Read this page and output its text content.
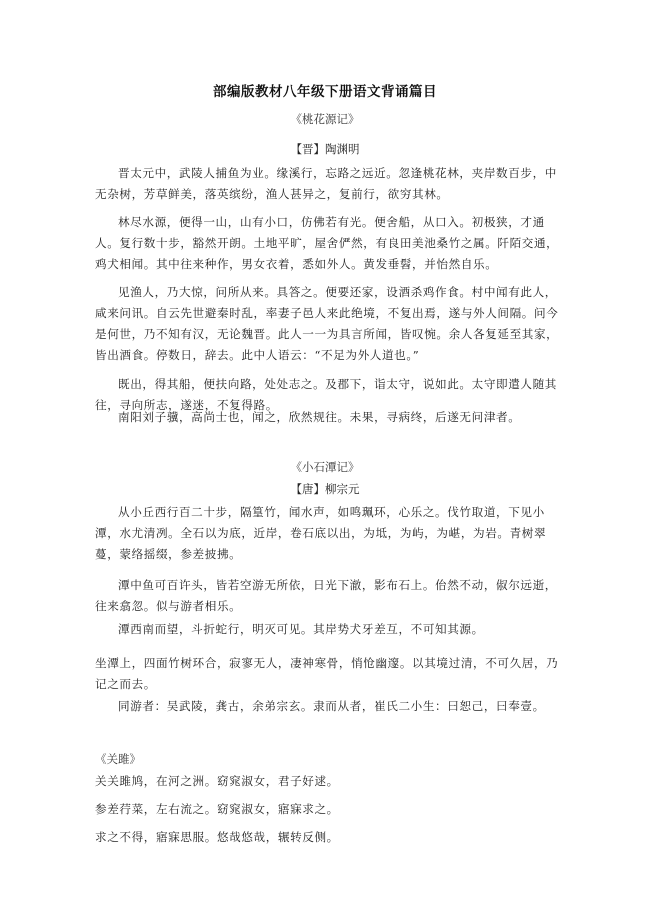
部编版教材八年级下册语文背诵篇目
《桃花源记》
【晋】陶渊明

晋太元中，武陵人捕鱼为业。缘溪行，忘路之远近。忽逢桃花林，夹岸数百步，中无杂树，芳草鲜美，落英缤纷，渔人甚异之，复前行，欲穷其林。

林尽水源，便得一山，山有小口，仿佛若有光。便舍船，从口入。初极狭，才通人。复行数十步，豁然开朗。土地平旷，屋舍俨然，有良田美池桑竹之属。阡陌交通，鸡犬相闻。其中往来种作，男女衣着，悉如外人。黄发垂髫，并怡然自乐。

见渔人，乃大惊，问所从来。具答之。便要还家，设酒杀鸡作食。村中闻有此人，咸来问讯。自云先世避秦时乱，率妻子邑人来此绝境，不复出焉，遂与外人间隔。问今是何世，乃不知有汉，无论魏晋。此人一一为具言所闻，皆叹惋。余人各复延至其家，皆出酒食。停数日，辞去。此中人语云：“不足为外人道也。”

既出，得其船，便扶向路，处处志之。及郡下，诣太守，说如此。太守即遣人随其往，寻向所志，遂迷，不复得路。

南阳刘子骥，高尚士也，闻之，欣然规往。未果，寻病终，后遂无问津者。

《小石潭记》
【唐】柳宗元

从小丘西行百二十步，隔篁竹，闻水声，如鸣珮环，心乐之。伐竹取道，下见小潭，水尤清冽。全石以为底，近岸，卷石底以出，为坻，为屿，为嵁，为岩。青树翠蔓，蒙络摇缀，参差披拂。

潭中鱼可百许头，皆若空游无所依，日光下澈，影布石上。佁然不动，俶尔远逝，往来翕忽。似与游者相乐。

潭西南而望，斗折蛇行，明灭可见。其岸势犬牙差互，不可知其源。

坐潭上，四面竹树环合，寂寥无人，凄神寒骨，悄怆幽邃。以其境过清，不可久居，乃记之而去。

同游者：吴武陵，龚古，余弟宗玄。隶而从者，崔氏二小生：曰恕己，曰奉壹。

《关雎》
关关雎鸠，在河之洲。窈窕淑女，君子好逑。
参差荇菜，左右流之。窈窕淑女，寤寐求之。
求之不得，寤寐思服。悠哉悠哉，辗转反侧。
